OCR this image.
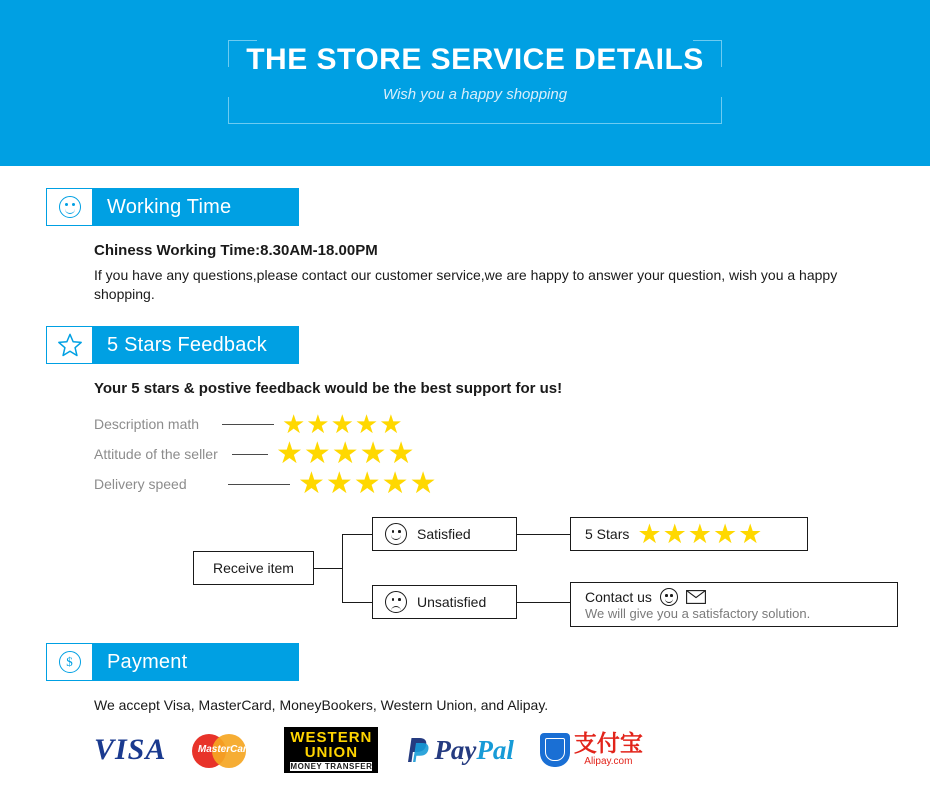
THE STORE SERVICE DETAILS
Wish you a happy shopping
Working Time
Chiness Working Time:8.30AM-18.00PM
If you have any questions,please contact our customer service,we are happy to answer your question, wish you a happy shopping.
5 Stars Feedback
Your 5 stars & postive feedback would be the best support for us!
Description math	★★★★★
Attitude of the seller ★★★★★
Delivery speed	★★★★★
Receive item
Satisfied
Unsatisfied
5 Stars ★★★★★
Contact us
We will give you a satisfactory solution.
$	Payment
We accept Visa, MasterCard, MoneyBookers, Western Union, and Alipay.
VISA	MasterCard
WESTERN
UNION
MONEY TRANSFER
Pay Pal	支付宝
Alipay.com
